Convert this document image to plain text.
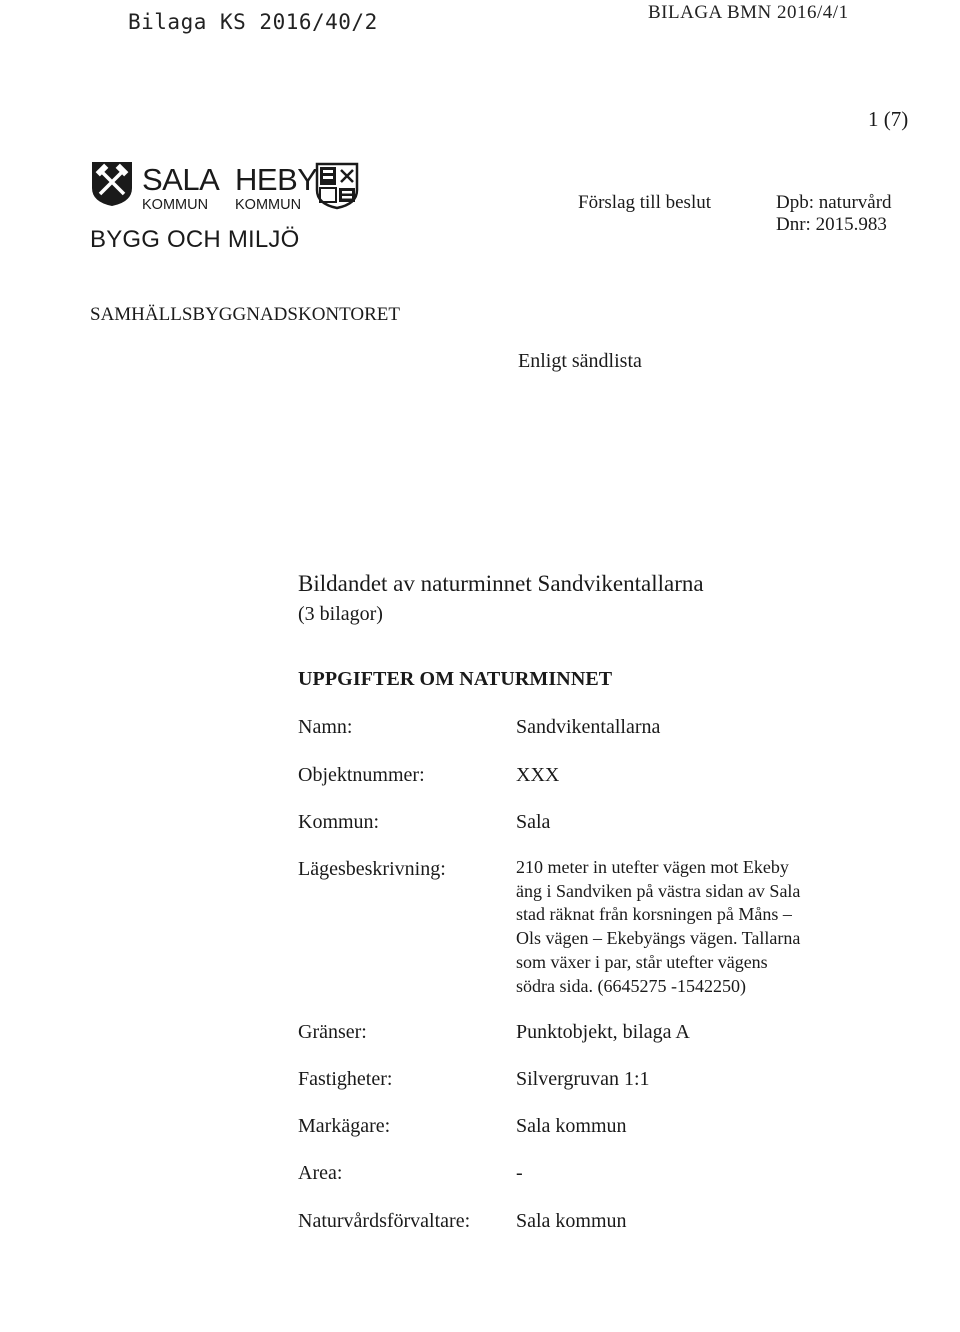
Bilaga KS 2016/40/2	BILAGA BMN 2016/4/1
1 (7)
SALA
KOMMUN
HEBY
KOMMUN
BYGG OCH MILJÖ
Förslag till beslut	Dpb: naturvård
Dnr: 2015.983
SAMHÄLLSBYGGNADSKONTORET
Enligt sändlista
Bildandet av naturminnet Sandvikentallarna
(3 bilagor)
UPPGIFTER OM NATURMINNET
Namn:	Sandvikentallarna
Objektnummer:	XXX
Kommun:	Sala
Lägesbeskrivning:	210 meter in utefter vägen mot Ekeby
äng i Sandviken på västra sidan av Sala
stad räknat från korsningen på Måns –
Ols vägen – Ekebyängs vägen. Tallarna
som växer i par, står utefter vägens
södra sida. (6645275 -1542250)
Gränser:	Punktobjekt, bilaga A
Fastigheter:	Silvergruvan 1:1
Markägare:	Sala kommun
Area:	-
Naturvårdsförvaltare: Sala kommun
